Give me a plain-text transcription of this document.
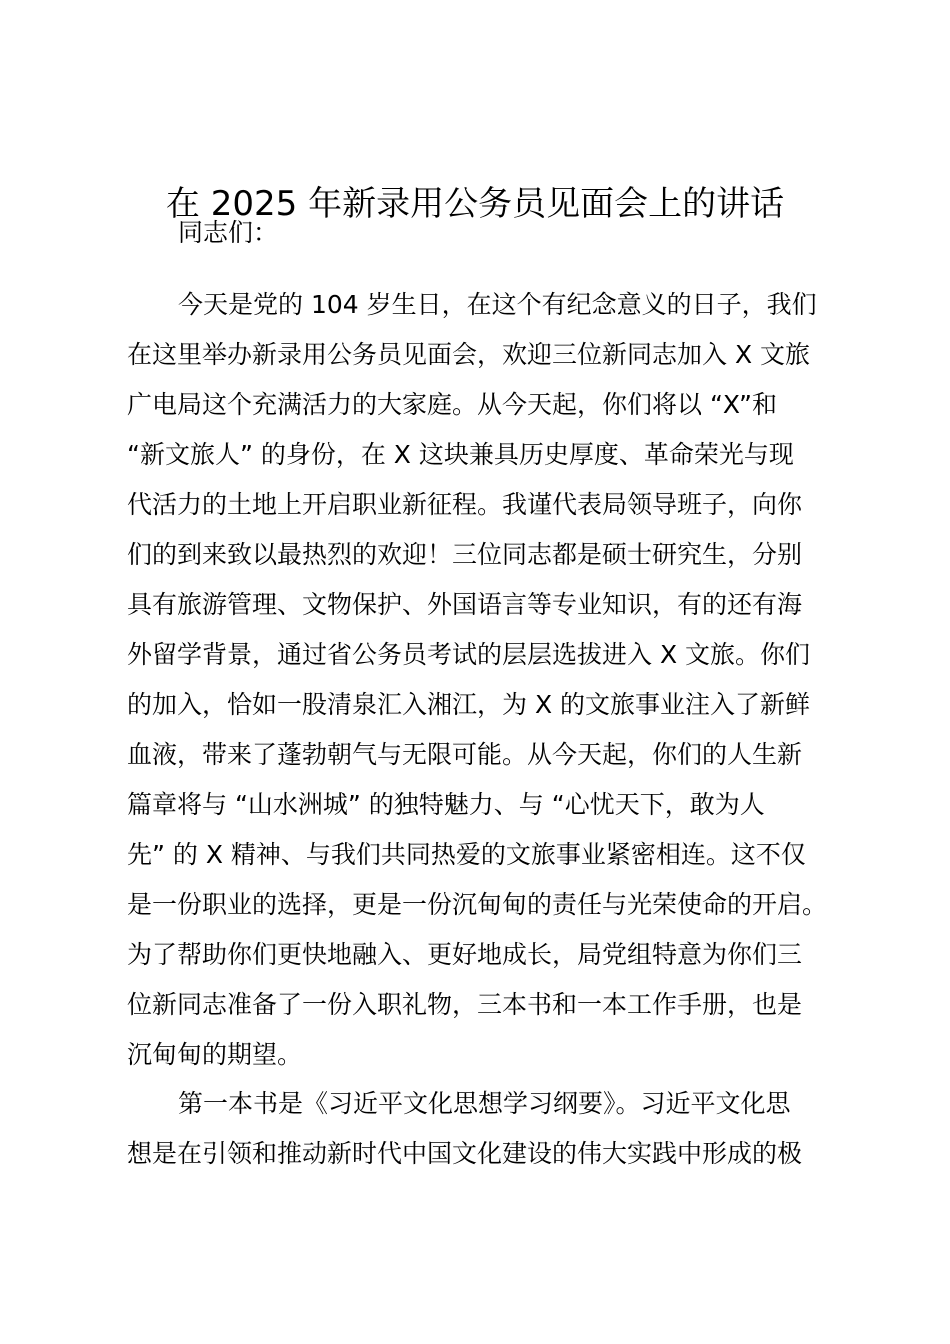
在 2025 年新录用公务员见面会上的讲话
同志们：
今天是党的 104 岁生日，在这个有纪念意义的日子，我们
在这里举办新录用公务员见面会，欢迎三位新同志加入 X 文旅
广电局这个充满活力的大家庭。从今天起，你们将以 “X”和
“新文旅人” 的身份，在 X 这块兼具历史厚度、革命荣光与现
代活力的土地上开启职业新征程。我谨代表局领导班子，向你
们的到来致以最热烈的欢迎！三位同志都是硕士研究生，分别
具有旅游管理、文物保护、外国语言等专业知识，有的还有海
外留学背景，通过省公务员考试的层层选拔进入 X 文旅。你们
的加入，恰如一股清泉汇入湘江，为 X 的文旅事业注入了新鲜
血液，带来了蓬勃朝气与无限可能。从今天起，你们的人生新
篇章将与 “山水洲城” 的独特魅力、与 “心忧天下，敢为人
先” 的 X 精神、与我们共同热爱的文旅事业紧密相连。这不仅
是一份职业的选择，更是一份沉甸甸的责任与光荣使命的开启。
为了帮助你们更快地融入、更好地成长，局党组特意为你们三
位新同志准备了一份入职礼物，三本书和一本工作手册，也是
沉甸甸的期望。
第一本书是《习近平文化思想学习纲要》。习近平文化思
想是在引领和推动新时代中国文化建设的伟大实践中形成的极
